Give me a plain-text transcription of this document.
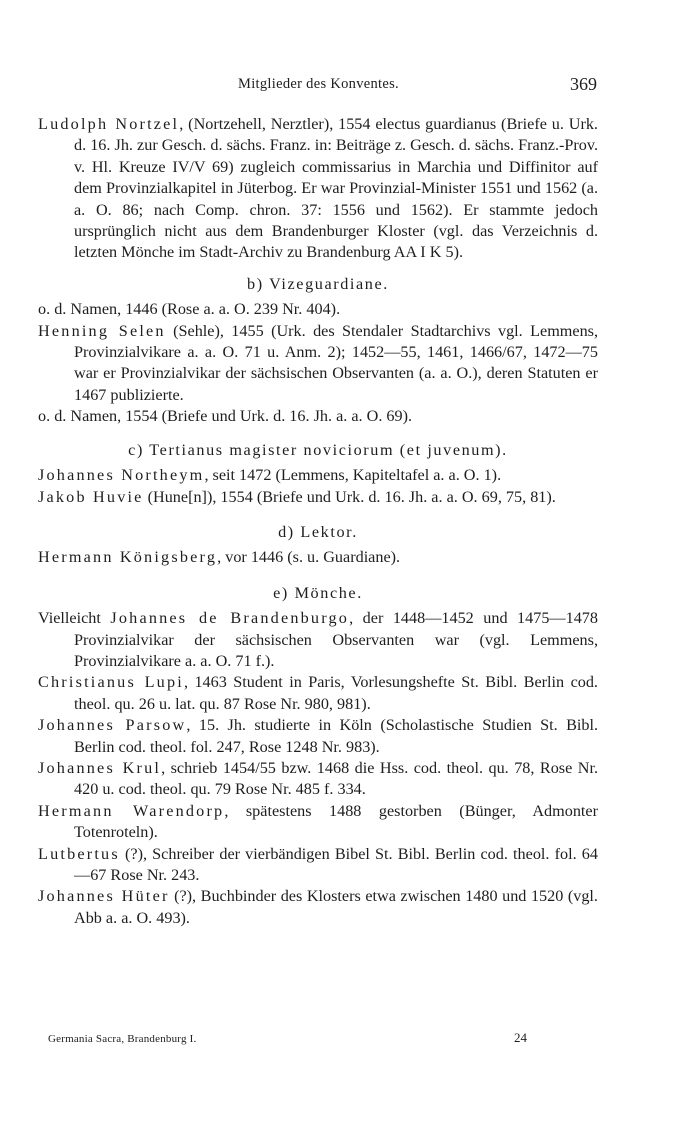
Mitglieder des Konventes.	369

Ludolph Nortzel, (Nortzehell, Nerztler), 1554 electus guardianus (Briefe u. Urk. d. 16. Jh. zur Gesch. d. sächs. Franz. in: Beiträge z. Gesch. d. sächs. Franz.-Prov. v. Hl. Kreuze IV/V 69) zugleich commissarius in Marchia und Diffinitor auf dem Provinzialkapitel in Jüterbog. Er war Provinzial-Minister 1551 und 1562 (a. a. O. 86; nach Comp. chron. 37: 1556 und 1562). Er stammte jedoch ursprünglich nicht aus dem Brandenburger Kloster (vgl. das Verzeichnis d. letzten Mönche im Stadt-Archiv zu Brandenburg AA I K 5).

b) Vizeguardiane.

o. d. Namen, 1446 (Rose a. a. O. 239 Nr. 404).

Henning Selen (Sehle), 1455 (Urk. des Stendaler Stadtarchivs vgl. Lemmens, Provinzialvikare a. a. O. 71 u. Anm. 2); 1452—55, 1461, 1466/67, 1472—75 war er Provinzialvikar der sächsischen Observanten (a. a. O.), deren Statuten er 1467 publizierte.

o. d. Namen, 1554 (Briefe und Urk. d. 16. Jh. a. a. O. 69).

c) Tertianus magister noviciorum (et juvenum).

Johannes Northeym, seit 1472 (Lemmens, Kapiteltafel a. a. O. 1).

Jakob Huvie (Hune[n]), 1554 (Briefe und Urk. d. 16. Jh. a. a. O. 69, 75, 81).

d) Lektor.

Hermann Königsberg, vor 1446 (s. u. Guardiane).

e) Mönche.

Vielleicht Johannes de Brandenburgo, der 1448—1452 und 1475—1478 Provinzialvikar der sächsischen Observanten war (vgl. Lemmens, Provinzialvikare a. a. O. 71 f.).

Christianus Lupi, 1463 Student in Paris, Vorlesungshefte St. Bibl. Berlin cod. theol. qu. 26 u. lat. qu. 87 Rose Nr. 980, 981).

Johannes Parsow, 15. Jh. studierte in Köln (Scholastische Studien St. Bibl. Berlin cod. theol. fol. 247, Rose 1248 Nr. 983).

Johannes Krul, schrieb 1454/55 bzw. 1468 die Hss. cod. theol. qu. 78, Rose Nr. 420 u. cod. theol. qu. 79 Rose Nr. 485 f. 334.

Hermann Warendorp, spätestens 1488 gestorben (Bünger, Admonter Totenroteln).

Lutbertus (?), Schreiber der vierbändigen Bibel St. Bibl. Berlin cod. theol. fol. 64—67 Rose Nr. 243.

Johannes Hüter (?), Buchbinder des Klosters etwa zwischen 1480 und 1520 (vgl. Abb a. a. O. 493).

Germania Sacra, Brandenburg I.	24
